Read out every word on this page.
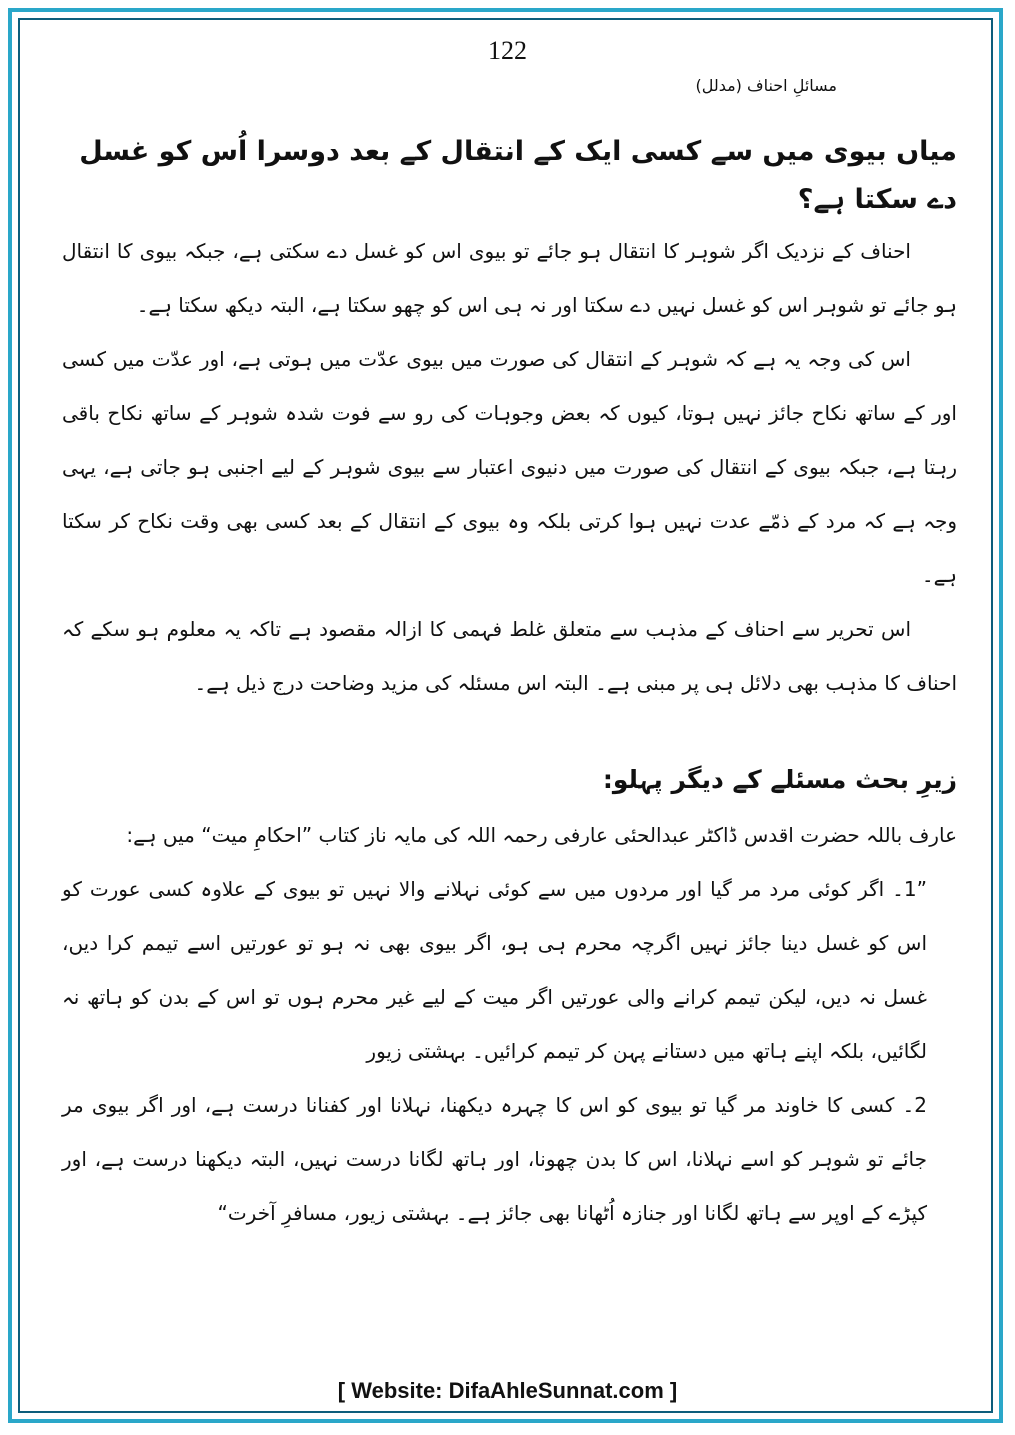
122
مسائلِ احناف (مدلل)
میاں بیوی میں سے کسی ایک کے انتقال کے بعد دوسرا اُس کو غسل دے سکتا ہے؟

احناف کے نزدیک اگر شوہر کا انتقال ہو جائے تو بیوی اس کو غسل دے سکتی ہے، جبکہ بیوی کا انتقال ہو جائے تو شوہر اس کو غسل نہیں دے سکتا اور نہ ہی اس کو چھو سکتا ہے، البتہ دیکھ سکتا ہے۔

اس کی وجہ یہ ہے کہ شوہر کے انتقال کی صورت میں بیوی عدّت میں ہوتی ہے، اور عدّت میں کسی اور کے ساتھ نکاح جائز نہیں ہوتا، کیوں کہ بعض وجوہات کی رو سے فوت شدہ شوہر کے ساتھ نکاح باقی رہتا ہے، جبکہ بیوی کے انتقال کی صورت میں دنیوی اعتبار سے بیوی شوہر کے لیے اجنبی ہو جاتی ہے، یہی وجہ ہے کہ مرد کے ذمّے عدت نہیں ہوا کرتی بلکہ وہ بیوی کے انتقال کے بعد کسی بھی وقت نکاح کر سکتا ہے۔

اس تحریر سے احناف کے مذہب سے متعلق غلط فہمی کا ازالہ مقصود ہے تاکہ یہ معلوم ہو سکے کہ احناف کا مذہب بھی دلائل ہی پر مبنی ہے۔ البتہ اس مسئلہ کی مزید وضاحت درج ذیل ہے۔

زیرِ بحث مسئلے کے دیگر پہلو:

عارف باللہ حضرت اقدس ڈاکٹر عبدالحئی عارفی رحمہ اللہ کی مایہ ناز کتاب ”احکامِ میت“ میں ہے:

”1۔ اگر کوئی مرد مر گیا اور مردوں میں سے کوئی نہلانے والا نہیں تو بیوی کے علاوہ کسی عورت کو اس کو غسل دینا جائز نہیں اگرچہ محرم ہی ہو، اگر بیوی بھی نہ ہو تو عورتیں اسے تیمم کرا دیں، غسل نہ دیں، لیکن تیمم کرانے والی عورتیں اگر میت کے لیے غیر محرم ہوں تو اس کے بدن کو ہاتھ نہ لگائیں، بلکہ اپنے ہاتھ میں دستانے پہن کر تیمم کرائیں۔ بہشتی زیور

2۔ کسی کا خاوند مر گیا تو بیوی کو اس کا چہرہ دیکھنا، نہلانا اور کفنانا درست ہے، اور اگر بیوی مر جائے تو شوہر کو اسے نہلانا، اس کا بدن چھونا، اور ہاتھ لگانا درست نہیں، البتہ دیکھنا درست ہے، اور کپڑے کے اوپر سے ہاتھ لگانا اور جنازہ اُٹھانا بھی جائز ہے۔ بہشتی زیور، مسافرِ آخرت“

[ Website: DifaAhleSunnat.com ]
